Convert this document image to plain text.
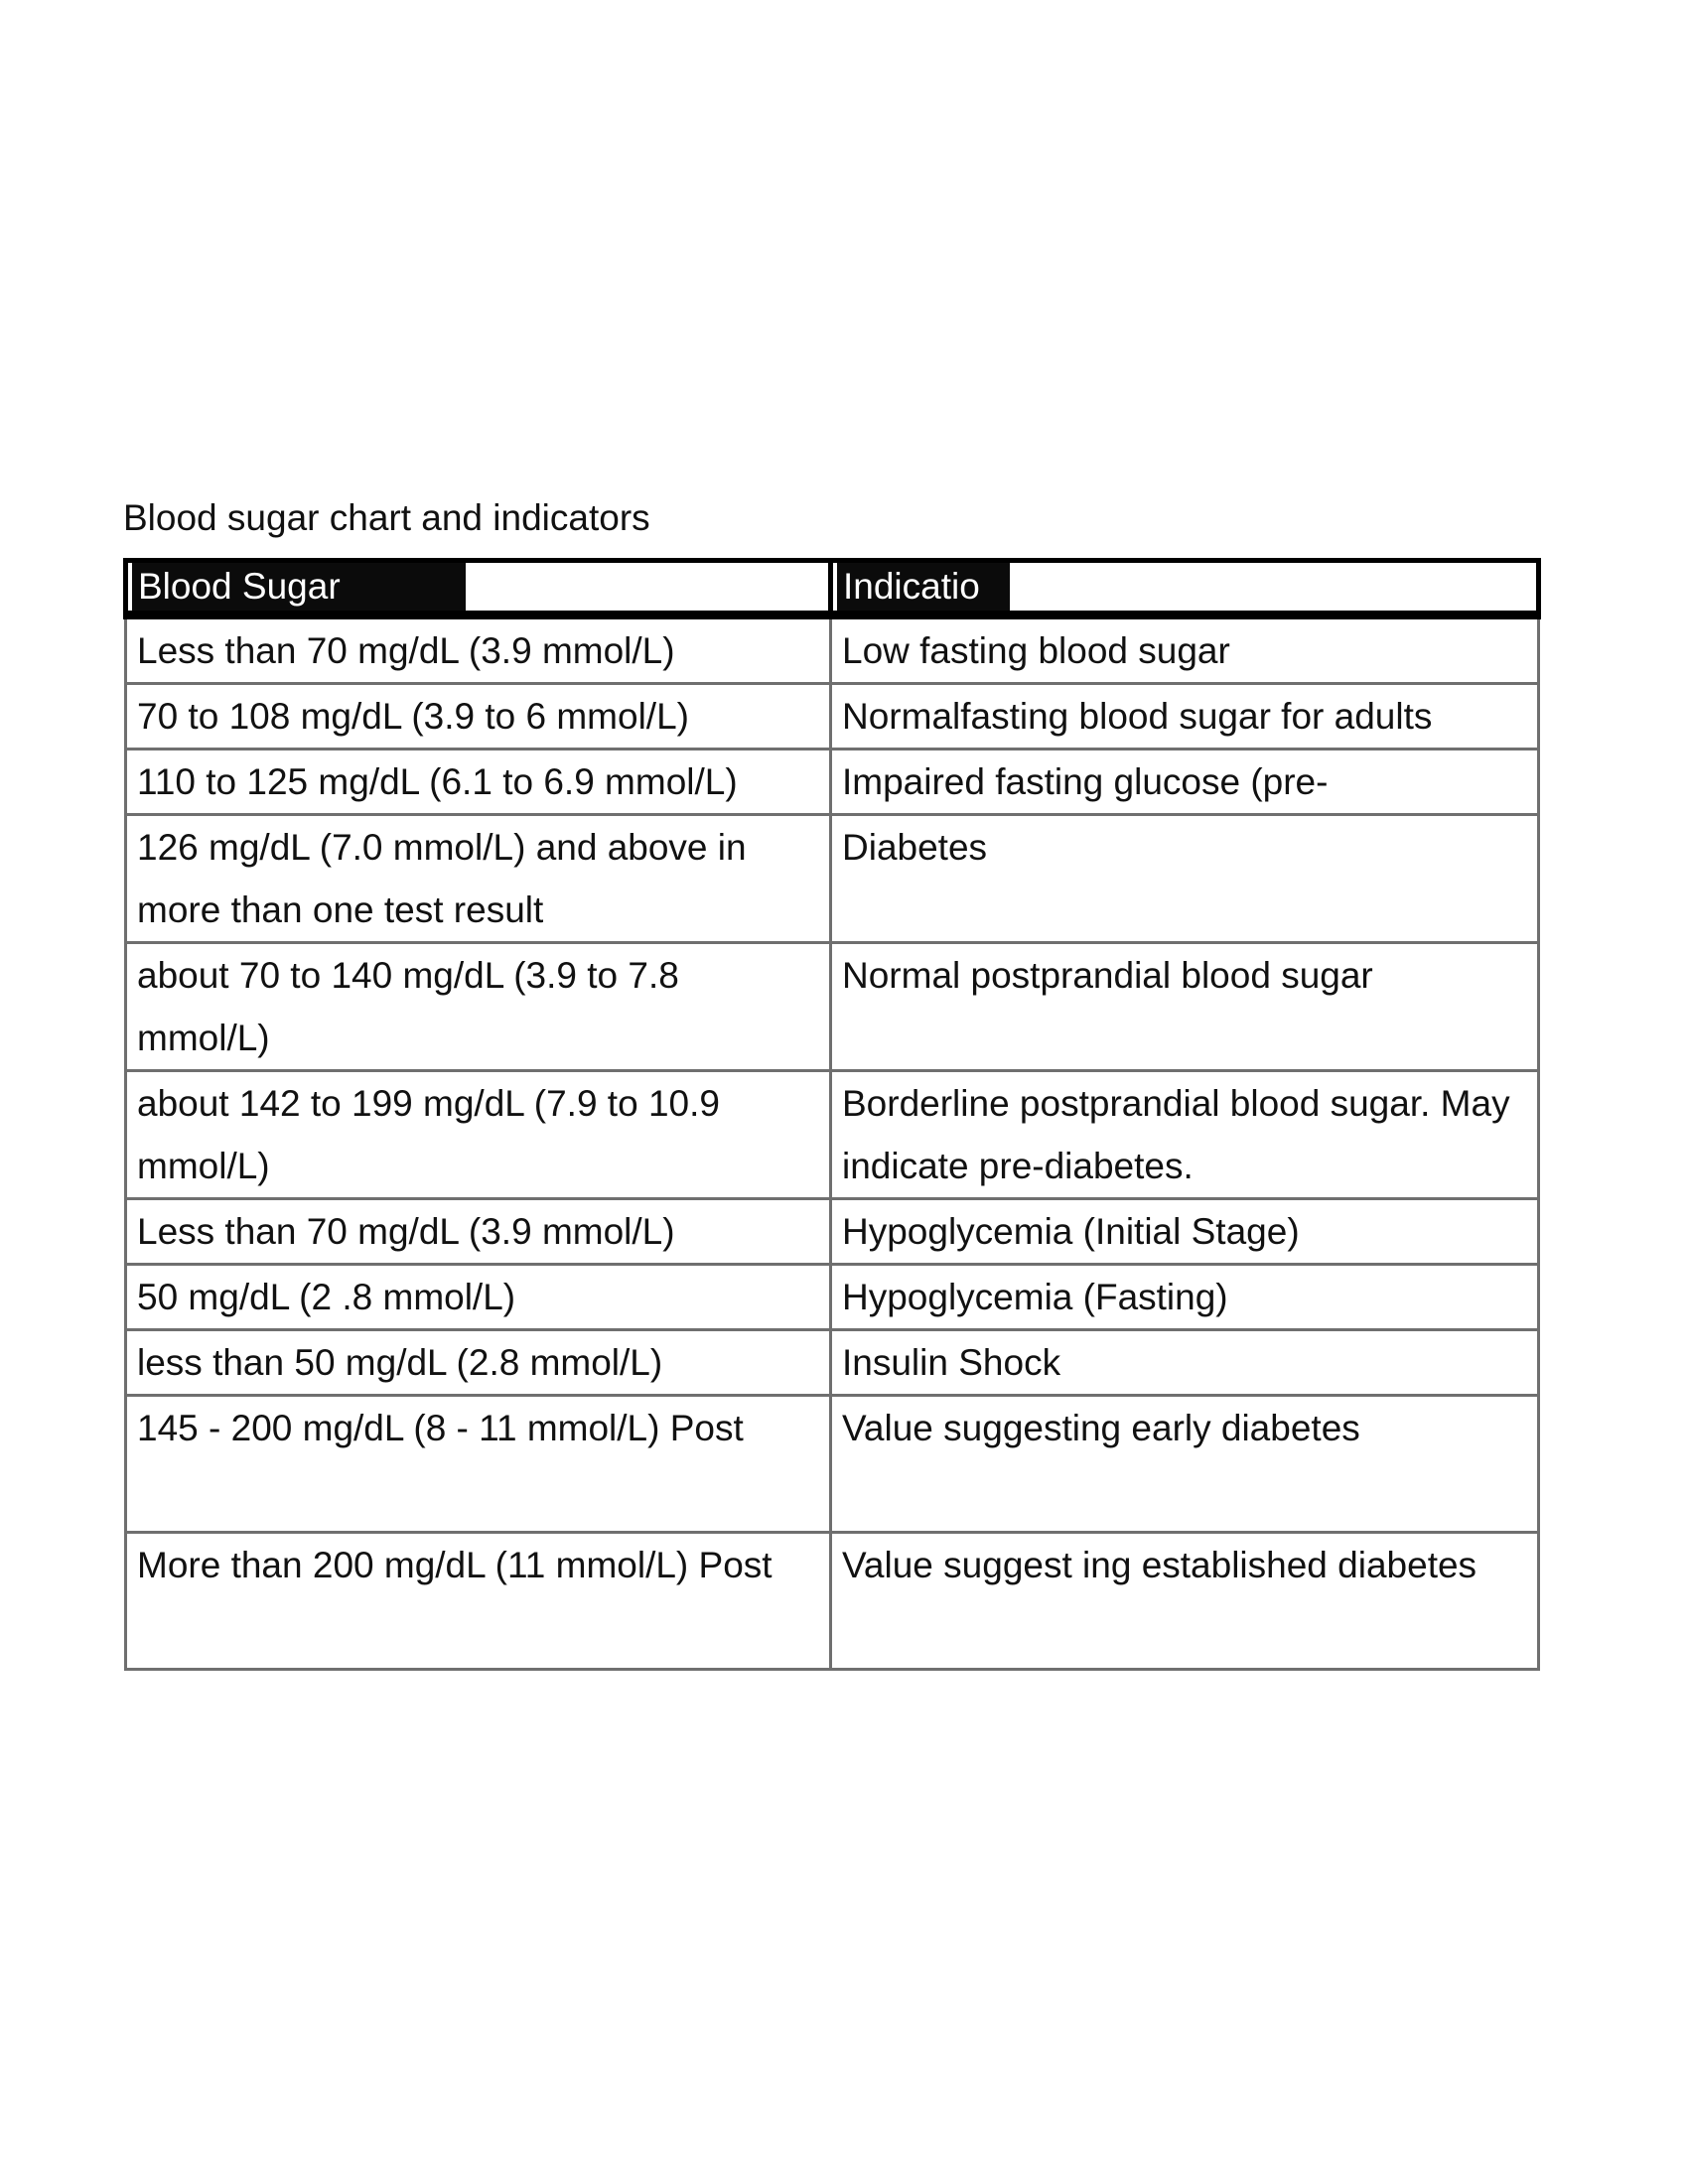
Blood sugar chart and indicators
Blood Sugar	Indicatio
Less than 70 mg/dL (3.9 mmol/L)	Low fasting blood sugar
70 to 108 mg/dL (3.9 to 6 mmol/L)	Normalfasting blood sugar for adults
110 to 125 mg/dL (6.1 to 6.9 mmol/L)	Impaired fasting glucose (pre-
126 mg/dL (7.0 mmol/L) and above in more than one test result	Diabetes
about 70 to 140 mg/dL (3.9 to 7.8 mmol/L)	Normal postprandial blood sugar
about 142 to 199 mg/dL (7.9 to 10.9 mmol/L)	Borderline postprandial blood sugar. May indicate pre-diabetes.
Less than 70 mg/dL (3.9 mmol/L)	Hypoglycemia (Initial Stage)
50 mg/dL (2 .8 mmol/L)	Hypoglycemia (Fasting)
less than 50 mg/dL (2.8 mmol/L)	Insulin Shock
145 - 200 mg/dL (8 - 11 mmol/L) Post	Value suggesting early diabetes
More than 200 mg/dL (11 mmol/L) Post	Value suggest ing established diabetes
